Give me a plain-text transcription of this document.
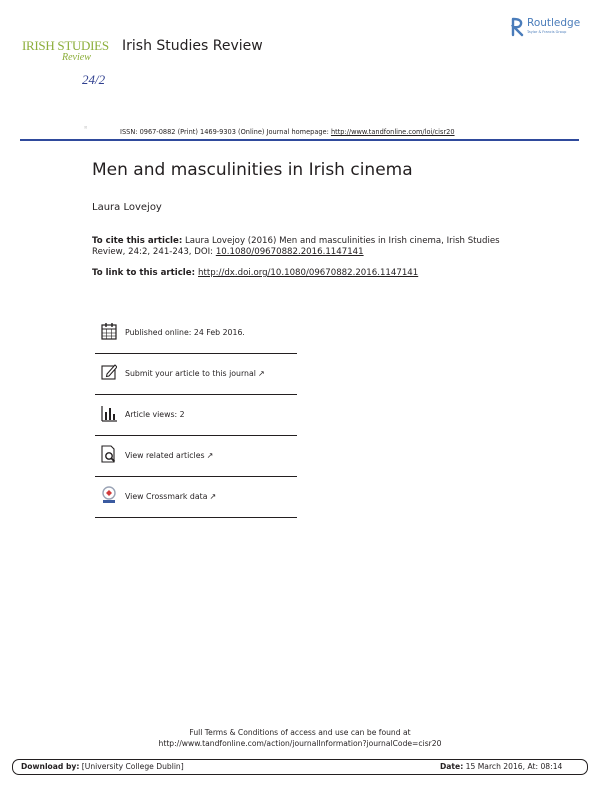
IRISH STUDIES
Review
24/2
Irish Studies Review
Routledge
Taylor & Francis Group
▯▯
ISSN: 0967-0882 (Print) 1469-9303 (Online) Journal homepage: http://www.tandfonline.com/loi/cisr20
Men and masculinities in Irish cinema
Laura Lovejoy
To cite this article: Laura Lovejoy (2016) Men and masculinities in Irish cinema, Irish Studies Review, 24:2, 241-243, DOI: 10.1080/09670882.2016.1147141
To link to this article: http://dx.doi.org/10.1080/09670882.2016.1147141
Published online: 24 Feb 2016.
Submit your article to this journal ↗
Article views: 2
View related articles ↗
View Crossmark data ↗
Full Terms & Conditions of access and use can be found at
http://www.tandfonline.com/action/journalInformation?journalCode=cisr20
Download by: [University College Dublin]	Date: 15 March 2016, At: 08:14
